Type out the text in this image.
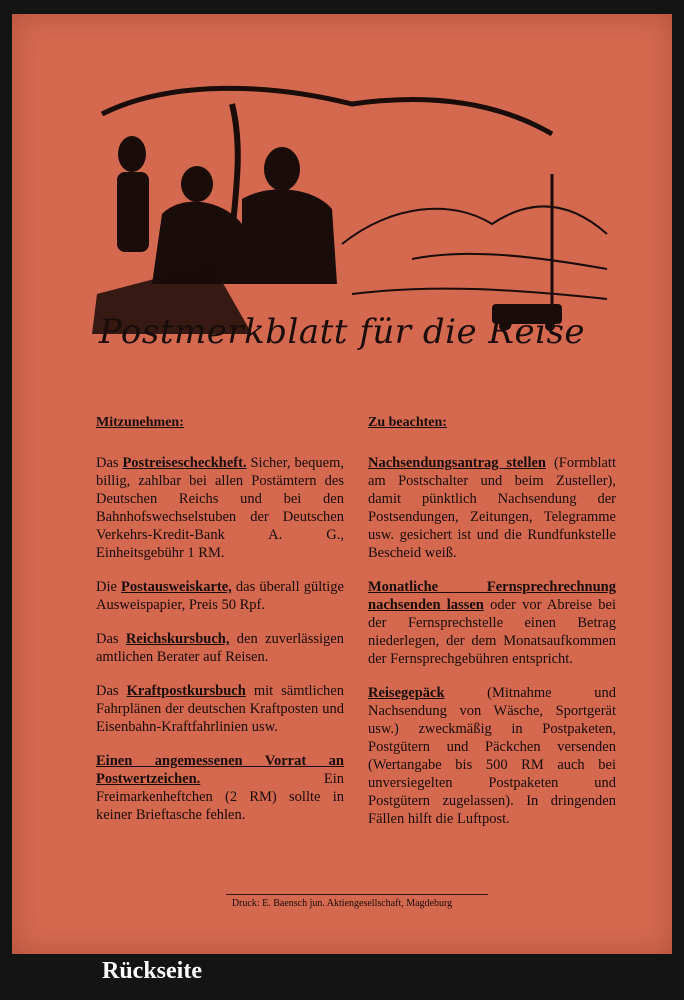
Postmerkblatt für die Reise
Mitzunehmen:

Das Postreisescheckheft. Sicher, bequem, billig, zahlbar bei allen Postämtern des Deutschen Reichs und bei den Bahnhofswechselstuben der Deutschen Verkehrs-Kredit-Bank A. G., Einheitsgebühr 1 RM.

Die Postausweiskarte, das überall gültige Ausweispapier, Preis 50 Rpf.

Das Reichskursbuch, den zuverlässigen amtlichen Berater auf Reisen.

Das Kraftpostkursbuch mit sämtlichen Fahrplänen der deutschen Kraftposten und Eisenbahn-Kraftfahrlinien usw.

Einen angemessenen Vorrat an Postwertzeichen. Ein Freimarkenheftchen (2 RM) sollte in keiner Brieftasche fehlen.

Zu beachten:

Nachsendungsantrag stellen (Formblatt am Postschalter und beim Zusteller), damit pünktlich Nachsendung der Postsendungen, Zeitungen, Telegramme usw. gesichert ist und die Rundfunkstelle Bescheid weiß.

Monatliche Fernsprechrechnung nachsenden lassen oder vor Abreise bei der Fernsprechstelle einen Betrag niederlegen, der dem Monatsaufkommen der Fernsprechgebühren entspricht.

Reisegepäck (Mitnahme und Nachsendung von Wäsche, Sportgerät usw.) zweckmäßig in Postpaketen, Postgütern und Päckchen versenden (Wertangabe bis 500 RM auch bei unversiegelten Postpaketen und Postgütern zugelassen). In dringenden Fällen hilft die Luftpost.

Druck: E. Baensch jun. Aktiengesellschaft, Magdeburg
Rückseite
